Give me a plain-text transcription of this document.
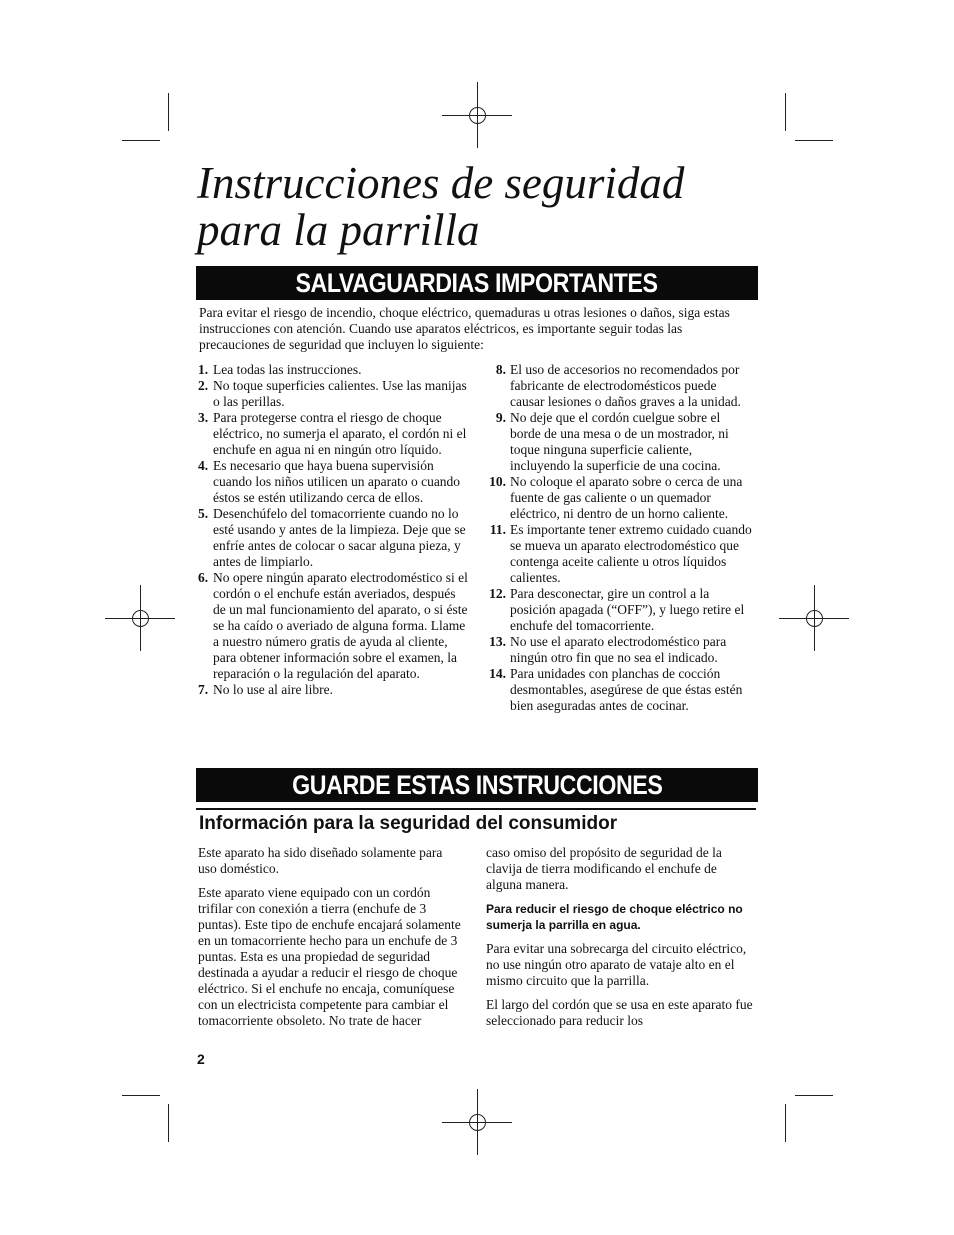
Instrucciones de seguridad
para la parrilla
SALVAGUARDIAS IMPORTANTES
Para evitar el riesgo de incendio, choque eléctrico, quemaduras u otras lesiones o daños, siga estas instrucciones con atención. Cuando use aparatos eléctricos, es importante seguir todas las precauciones de seguridad que incluyen lo siguiente:
1. Lea todas las instrucciones.
2. No toque superficies calientes. Use las manijas o las perillas.
3. Para protegerse contra el riesgo de choque eléctrico, no sumerja el aparato, el cordón ni el enchufe en agua ni en ningún otro líquido.
4. Es necesario que haya buena supervisión cuando los niños utilicen un aparato o cuando éstos se estén utilizando cerca de ellos.
5. Desenchúfelo del tomacorriente cuando no lo esté usando y antes de la limpieza. Deje que se enfríe antes de colocar o sacar alguna pieza, y antes de limpiarlo.
6. No opere ningún aparato electrodoméstico si el cordón o el enchufe están averiados, después de un mal funcionamiento del aparato, o si éste se ha caído o averiado de alguna forma. Llame a nuestro número gratis de ayuda al cliente, para obtener información sobre el examen, la reparación o la regulación del aparato.
7. No lo use al aire libre.
8. El uso de accesorios no recomendados por fabricante de electrodomésticos puede causar lesiones o daños graves a la unidad.
9. No deje que el cordón cuelgue sobre el borde de una mesa o de un mostrador, ni toque ninguna superficie caliente, incluyendo la superficie de una cocina.
10. No coloque el aparato sobre o cerca de una fuente de gas caliente o un quemador eléctrico, ni dentro de un horno caliente.
11. Es importante tener extremo cuidado cuando se mueva un aparato electrodoméstico que contenga aceite caliente u otros líquidos calientes.
12. Para desconectar, gire un control a la posición apagada (“OFF”), y luego retire el enchufe del tomacorriente.
13. No use el aparato electrodoméstico para ningún otro fin que no sea el indicado.
14. Para unidades con planchas de cocción desmontables, asegúrese de que éstas estén bien aseguradas antes de cocinar.
GUARDE ESTAS INSTRUCCIONES
Información para la seguridad del consumidor

Este aparato ha sido diseñado solamente para uso doméstico.

Este aparato viene equipado con un cordón trifilar con conexión a tierra (enchufe de 3 puntas). Este tipo de enchufe encajará solamente en un tomacorriente hecho para un enchufe de 3 puntas. Esta es una propiedad de seguridad destinada a ayudar a reducir el riesgo de choque eléctrico. Si el enchufe no encaja, comuníquese con un electricista competente para cambiar el tomacorriente obsoleto. No trate de hacer

caso omiso del propósito de seguridad de la clavija de tierra modificando el enchufe de alguna manera.

Para reducir el riesgo de choque eléctrico no sumerja la parrilla en agua.

Para evitar una sobrecarga del circuito eléctrico, no use ningún otro aparato de vataje alto en el mismo circuito que la parrilla.

El largo del cordón que se usa en este aparato fue seleccionado para reducir los

2
